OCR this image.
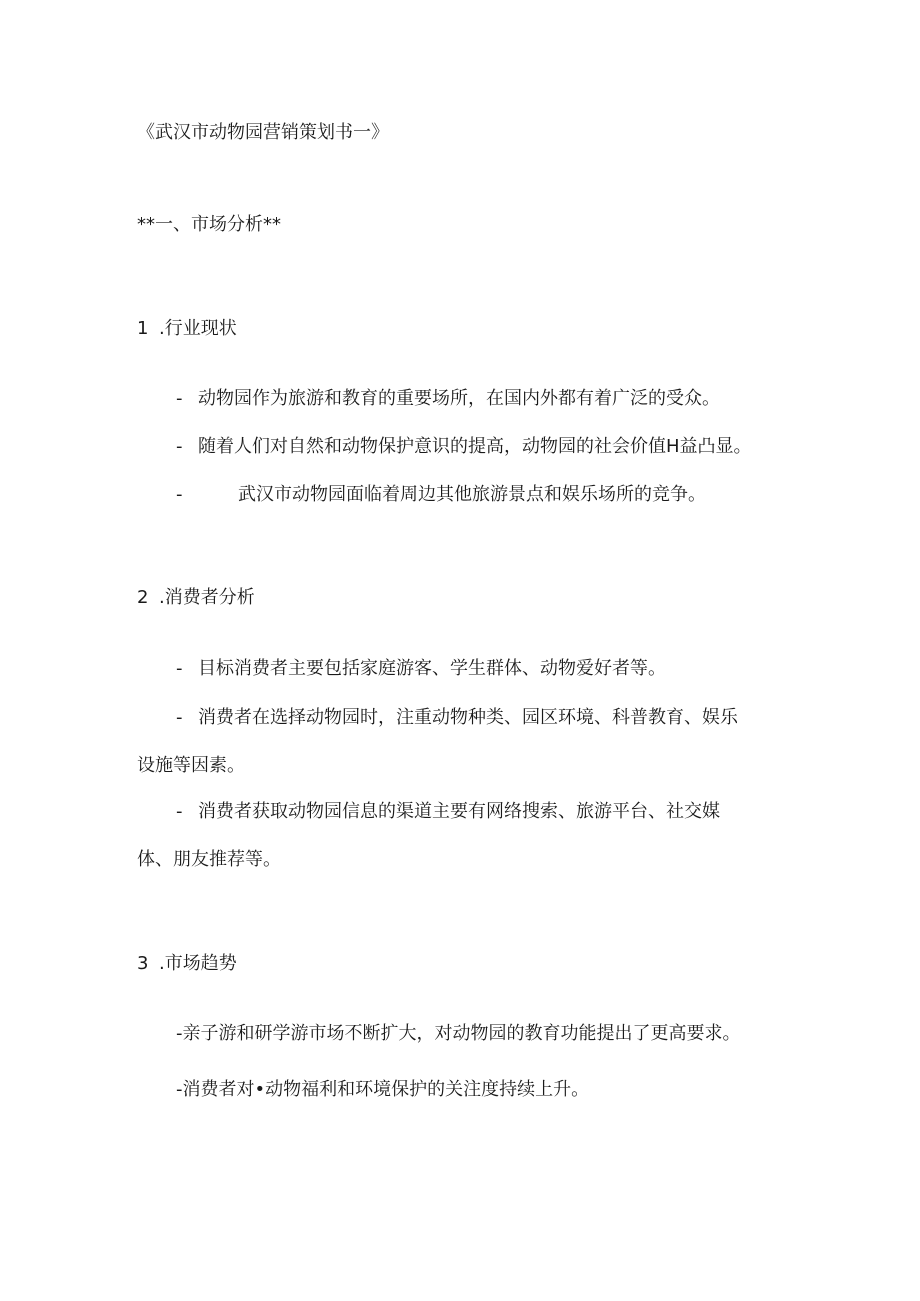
《武汉市动物园营销策划书一》
**一、市场分析**
1 .行业现状
- 动物园作为旅游和教育的重要场所，在国内外都有着广泛的受众。
- 随着人们对自然和动物保护意识的提高，动物园的社会价值H益凸显。
-	武汉市动物园面临着周边其他旅游景点和娱乐场所的竞争。
2 .消费者分析
- 目标消费者主要包括家庭游客、学生群体、动物爱好者等。
- 消费者在选择动物园时，注重动物种类、园区环境、科普教育、娱乐
设施等因素。
- 消费者获取动物园信息的渠道主要有网络搜索、旅游平台、社交媒
体、朋友推荐等。
3 .市场趋势
-亲子游和研学游市场不断扩大，对动物园的教育功能提出了更高要求。
-消费者对•动物福利和环境保护的关注度持续上升。
